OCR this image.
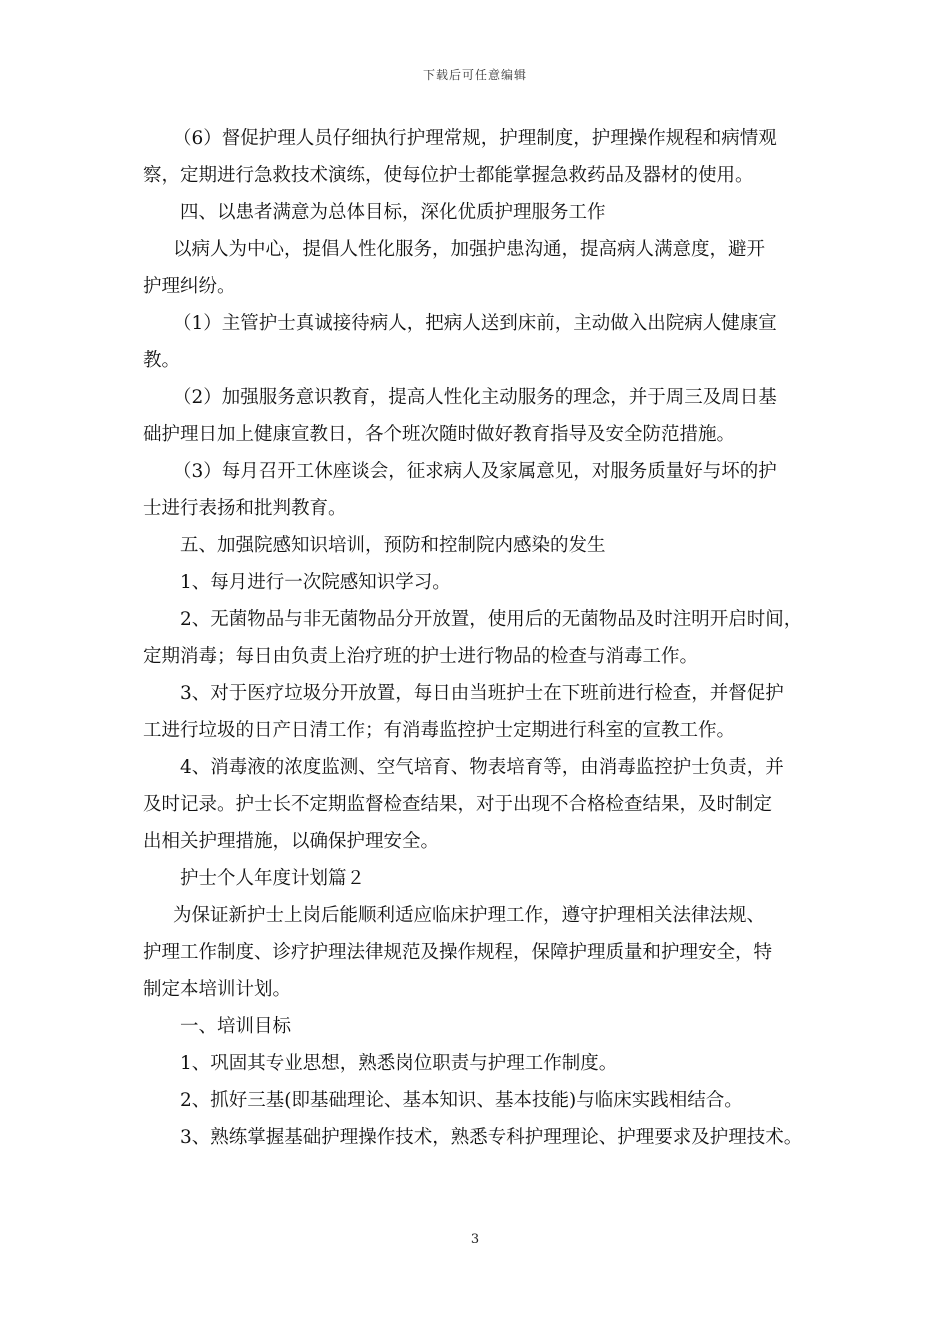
下载后可任意编辑
（6）督促护理人员仔细执行护理常规，护理制度，护理操作规程和病情观
察，定期进行急救技术演练，使每位护士都能掌握急救药品及器材的使用。
四、以患者满意为总体目标，深化优质护理服务工作
以病人为中心，提倡人性化服务，加强护患沟通，提高病人满意度，避开
护理纠纷。
（1）主管护士真诚接待病人，把病人送到床前，主动做入出院病人健康宣
教。
（2）加强服务意识教育，提高人性化主动服务的理念，并于周三及周日基
础护理日加上健康宣教日，各个班次随时做好教育指导及安全防范措施。
（3）每月召开工休座谈会，征求病人及家属意见，对服务质量好与坏的护
士进行表扬和批判教育。
五、加强院感知识培训，预防和控制院内感染的发生
1、每月进行一次院感知识学习。
2、无菌物品与非无菌物品分开放置，使用后的无菌物品及时注明开启时间，
定期消毒；每日由负责上治疗班的护士进行物品的检查与消毒工作。
3、对于医疗垃圾分开放置，每日由当班护士在下班前进行检查，并督促护
工进行垃圾的日产日清工作；有消毒监控护士定期进行科室的宣教工作。
4、消毒液的浓度监测、空气培育、物表培育等，由消毒监控护士负责，并
及时记录。护士长不定期监督检查结果，对于出现不合格检查结果，及时制定
出相关护理措施，以确保护理安全。
护士个人年度计划篇２
为保证新护士上岗后能顺利适应临床护理工作，遵守护理相关法律法规、
护理工作制度、诊疗护理法律规范及操作规程，保障护理质量和护理安全，特
制定本培训计划。
一、培训目标
1、巩固其专业思想，熟悉岗位职责与护理工作制度。
2、抓好三基(即基础理论、基本知识、基本技能)与临床实践相结合。
3、熟练掌握基础护理操作技术，熟悉专科护理理论、护理要求及护理技术。
3
